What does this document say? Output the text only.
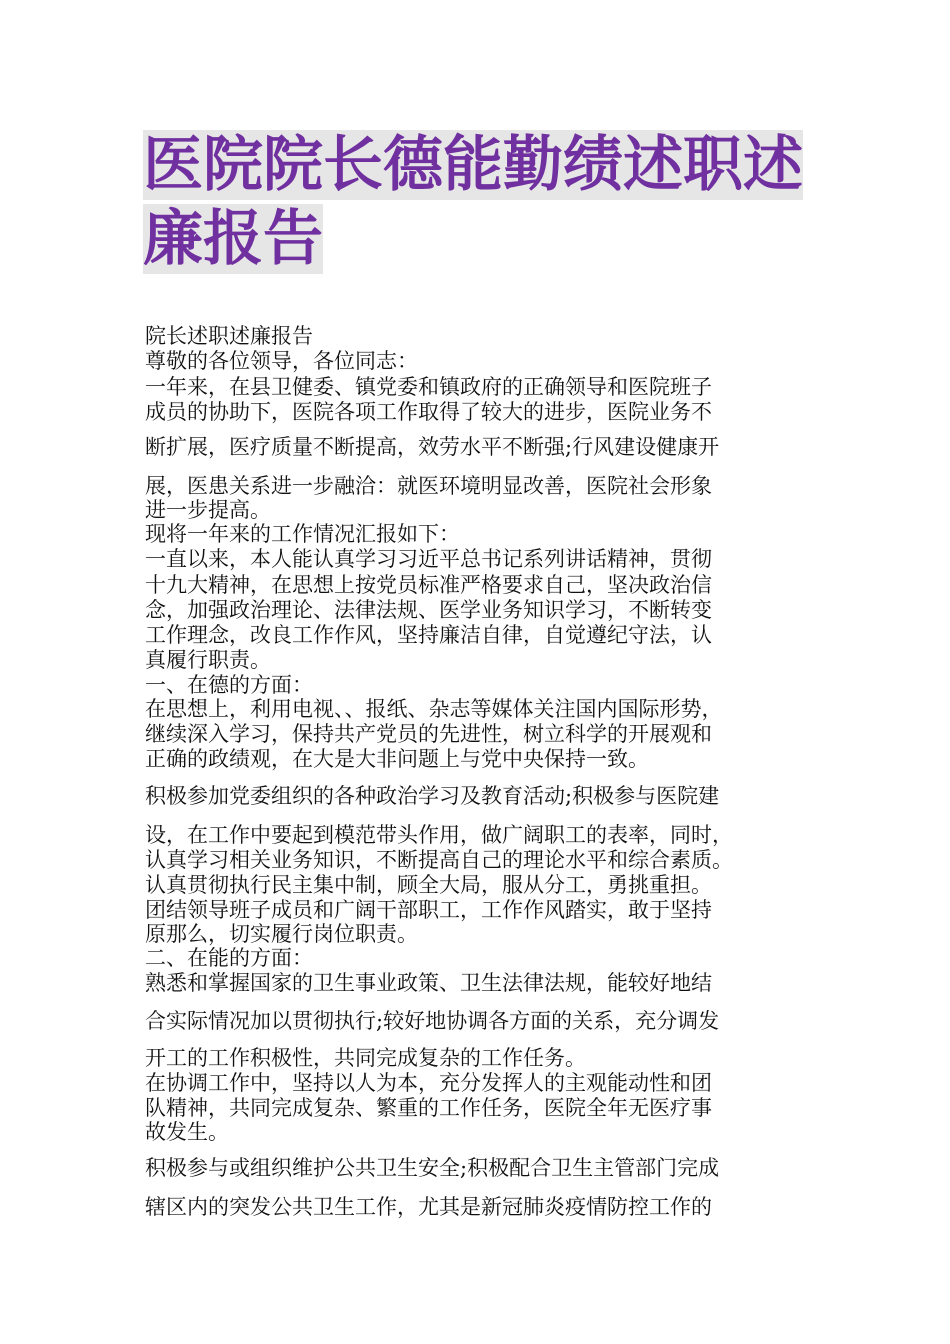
医院院长德能勤绩述职述廉报告

院长述职述廉报告

尊敬的各位领导，各位同志：

一年来，在县卫健委、镇党委和镇政府的正确领导和医院班子

成员的协助下，医院各项工作取得了较大的进步，医院业务不

断扩展，医疗质量不断提高，效劳水平不断强;行风建设健康开

展，医患关系进一步融洽：就医环境明显改善，医院社会形象

进一步提高。

现将一年来的工作情况汇报如下：

一直以来，本人能认真学习习近平总书记系列讲话精神，贯彻

十九大精神，在思想上按党员标准严格要求自己，坚决政治信

念，加强政治理论、法律法规、医学业务知识学习，不断转变

工作理念，改良工作作风，坚持廉洁自律，自觉遵纪守法，认

真履行职责。

一、在德的方面：

在思想上，利用电视、、报纸、杂志等媒体关注国内国际形势，

继续深入学习，保持共产党员的先进性，树立科学的开展观和

正确的政绩观，在大是大非问题上与党中央保持一致。

积极参加党委组织的各种政治学习及教育活动;积极参与医院建

设，在工作中要起到模范带头作用，做广阔职工的表率，同时，

认真学习相关业务知识，不断提高自己的理论水平和综合素质。

认真贯彻执行民主集中制，顾全大局，服从分工，勇挑重担。

团结领导班子成员和广阔干部职工，工作作风踏实，敢于坚持

原那么，切实履行岗位职责。

二、在能的方面：

熟悉和掌握国家的卫生事业政策、卫生法律法规，能较好地结

合实际情况加以贯彻执行;较好地协调各方面的关系，充分调发

开工的工作积极性，共同完成复杂的工作任务。

在协调工作中，坚持以人为本，充分发挥人的主观能动性和团

队精神，共同完成复杂、繁重的工作任务，医院全年无医疗事

故发生。

积极参与或组织维护公共卫生安全;积极配合卫生主管部门完成

辖区内的突发公共卫生工作，尤其是新冠肺炎疫情防控工作的
